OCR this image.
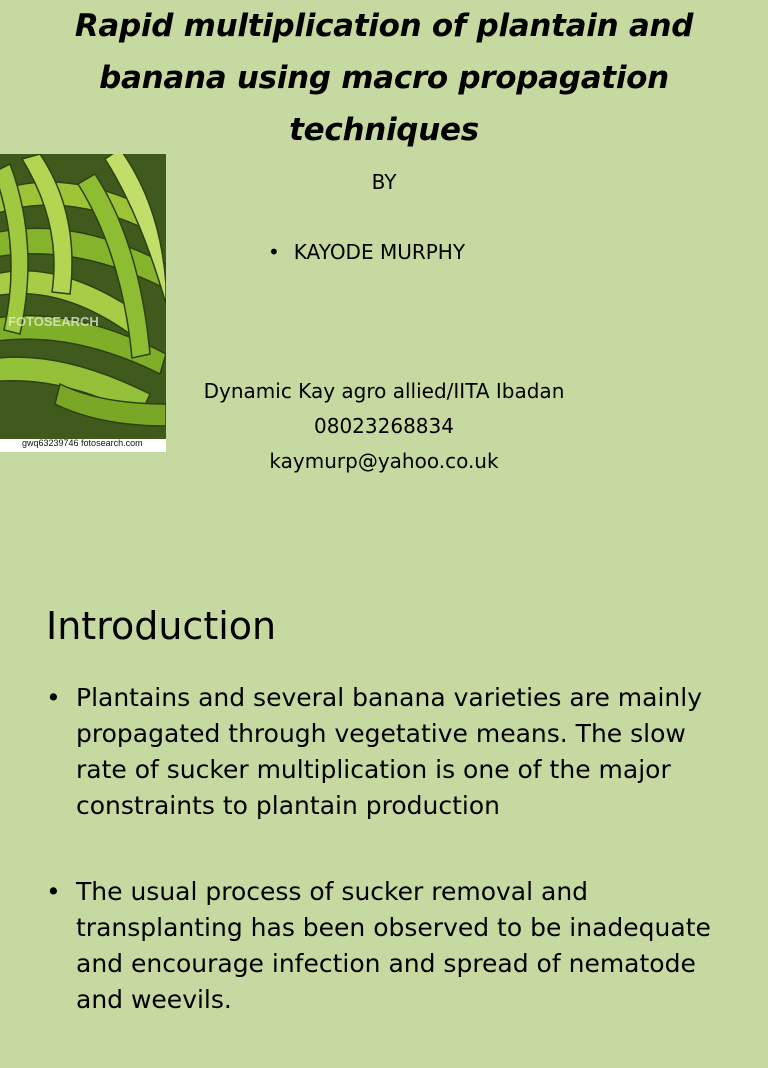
Rapid multiplication of plantain and banana using macro propagation techniques
FOTOSEARCH
gwq63239746 fotosearch.com
BY
• KAYODE MURPHY
Dynamic Kay agro allied/IITA Ibadan
08023268834
kaymurp@yahoo.co.uk
Introduction
• Plantains and several banana varieties are mainly propagated through vegetative means. The slow rate of sucker multiplication is one of the major constraints to plantain production
• The usual process of sucker removal and transplanting has been observed to be inadequate and encourage infection and spread of nematode and weevils.
